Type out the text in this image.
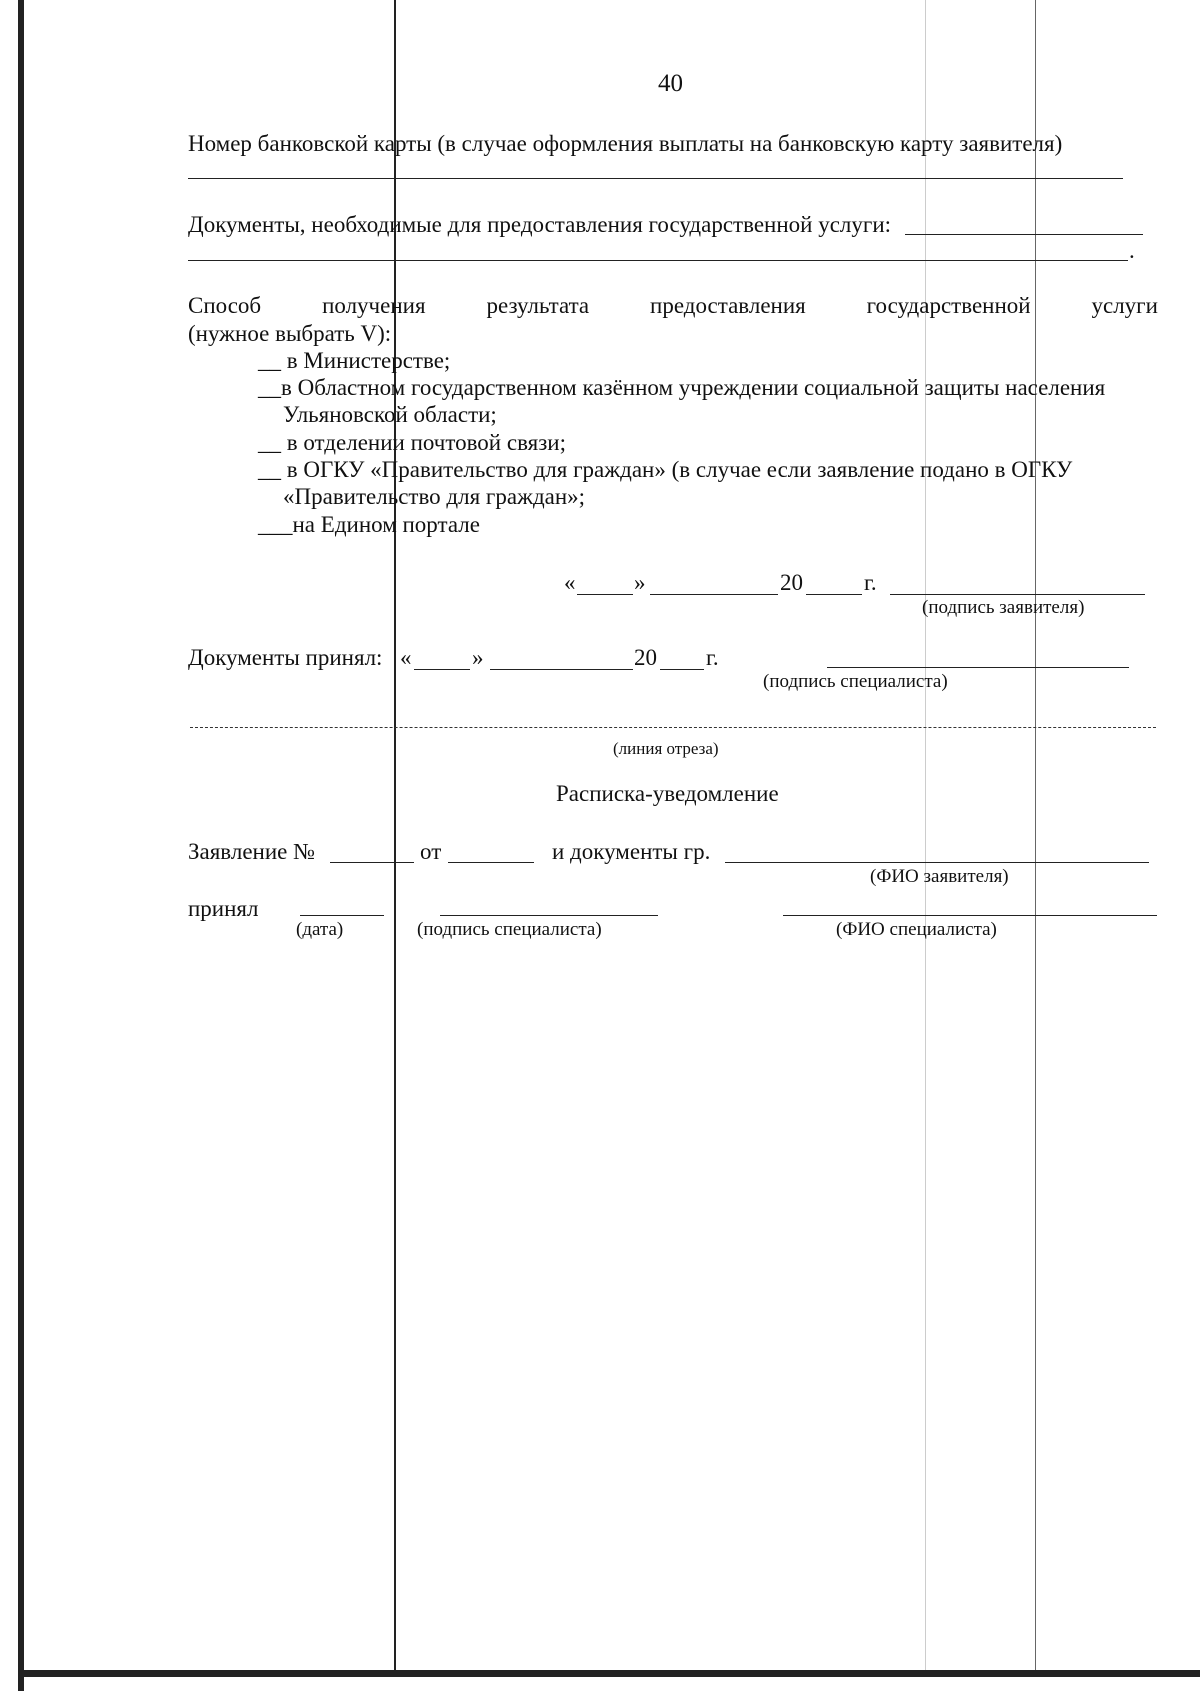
40
Номер банковской карты (в случае оформления выплаты на банковскую карту заявителя)
Документы, необходимые для предоставления государственной услуги:
.
Способ	получения	результата	предоставления	государственной	услуги
(нужное выбрать V):
__ в Министерстве;
__в Областном государственном казённом учреждении социальной защиты населения
Ульяновской области;
__ в отделении почтовой связи;
__ в ОГКУ «Правительство для граждан» (в случае если заявление подано в ОГКУ
«Правительство для граждан»;
___на Едином портале
«	»	20	г.
(подпись заявителя)
Документы принял: «	»	20 г.
(подпись специалиста)
(линия отреза)
Расписка-уведомление
Заявление №	от	и документы гр.
(ФИО заявителя)
принял
(дата)	(подпись специалиста)	(ФИО специалиста)
